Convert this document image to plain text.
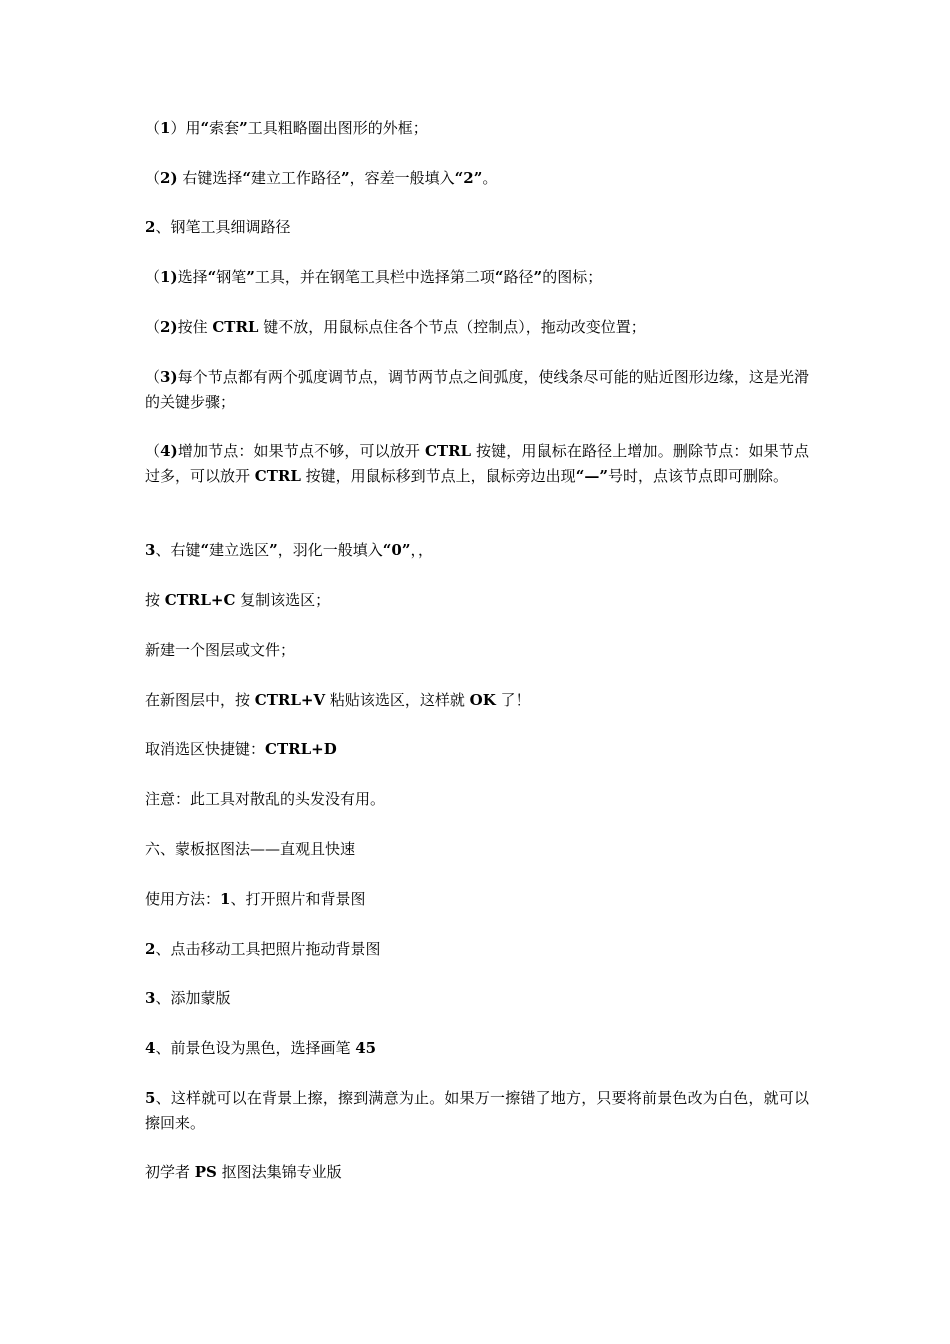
（1）用“索套”工具粗略圈出图形的外框；

（2) 右键选择“建立工作路径”，容差一般填入“2”。

2、钢笔工具细调路径

（1)选择“钢笔”工具，并在钢笔工具栏中选择第二项“路径”的图标；

（2)按住 CTRL 键不放，用鼠标点住各个节点（控制点），拖动改变位置；

（3)每个节点都有两个弧度调节点，调节两节点之间弧度，使线条尽可能的贴近图形边缘，这是光滑的关键步骤；

（4)增加节点：如果节点不够，可以放开 CTRL 按键，用鼠标在路径上增加。删除节点：如果节点过多，可以放开 CTRL 按键，用鼠标移到节点上，鼠标旁边出现“—”号时，点该节点即可删除。

3、右键“建立选区”，羽化一般填入“0”，，

按 CTRL+C 复制该选区；

新建一个图层或文件；

在新图层中，按 CTRL+V 粘贴该选区，这样就 OK 了！

取消选区快捷键：CTRL+D

注意：此工具对散乱的头发没有用。

六、蒙板抠图法——直观且快速

使用方法：1、打开照片和背景图

2、点击移动工具把照片拖动背景图

3、添加蒙版

4、前景色设为黑色，选择画笔 45

5、这样就可以在背景上擦，擦到满意为止。如果万一擦错了地方，只要将前景色改为白色，就可以擦回来。

初学者 PS 抠图法集锦专业版
